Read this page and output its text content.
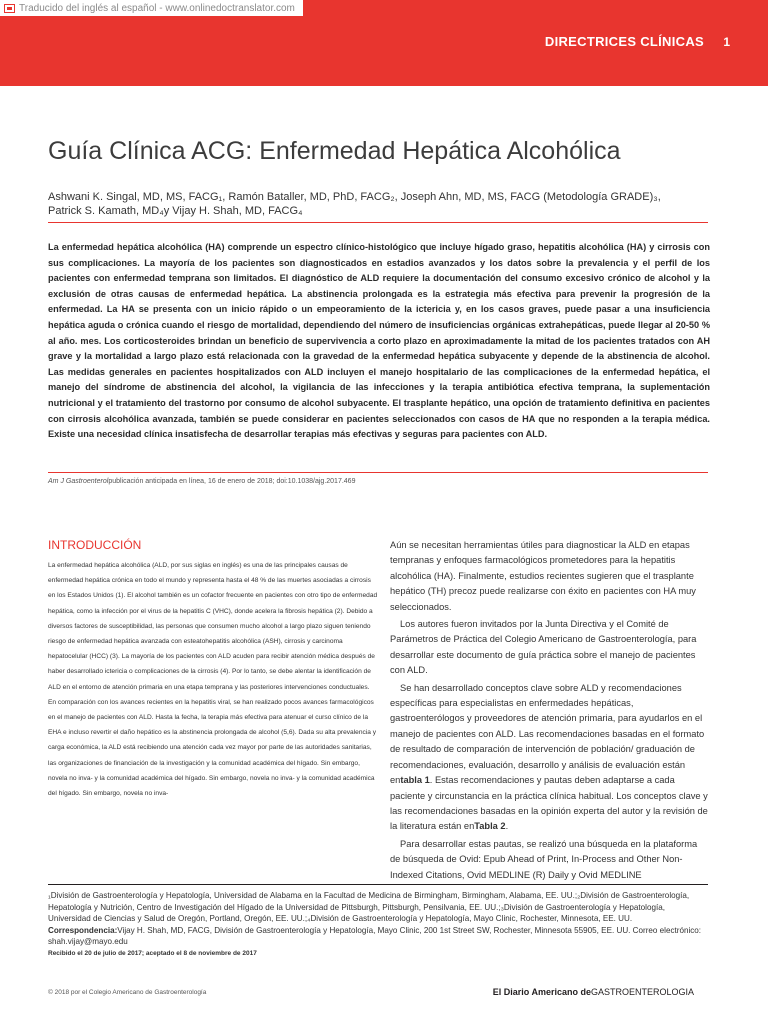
Traducido del inglés al español - www.onlinedoctranslator.com
DIRECTRICES CLÍNICAS 1
Guía Clínica ACG: Enfermedad Hepática Alcohólica
Ashwani K. Singal, MD, MS, FACG₁, Ramón Bataller, MD, PhD, FACG₂, Joseph Ahn, MD, MS, FACG (Metodología GRADE)₃,
Patrick S. Kamath, MD₄y Vijay H. Shah, MD, FACG₄

La enfermedad hepática alcohólica (HA) comprende un espectro clínico-histológico que incluye hígado graso, hepatitis alcohólica (HA) y cirrosis con sus complicaciones. La mayoría de los pacientes son diagnosticados en estadios avanzados y los datos sobre la prevalencia y el perfil de los pacientes con enfermedad temprana son limitados. El diagnóstico de ALD requiere la documentación del consumo excesivo crónico de alcohol y la exclusión de otras causas de enfermedad hepática. La abstinencia prolongada es la estrategia más efectiva para prevenir la progresión de la enfermedad. La HA se presenta con un inicio rápido o un empeoramiento de la ictericia y, en los casos graves, puede pasar a una insuficiencia hepática aguda o crónica cuando el riesgo de mortalidad, dependiendo del número de insuficiencias orgánicas extrahepáticas, puede llegar al 20-50 % al año. mes. Los corticosteroides brindan un beneficio de supervivencia a corto plazo en aproximadamente la mitad de los pacientes tratados con AH grave y la mortalidad a largo plazo está relacionada con la gravedad de la enfermedad hepática subyacente y depende de la abstinencia de alcohol. Las medidas generales en pacientes hospitalizados con ALD incluyen el manejo hospitalario de las complicaciones de la enfermedad hepática, el manejo del síndrome de abstinencia del alcohol, la vigilancia de las infecciones y la terapia antibiótica efectiva temprana, la suplementación nutricional y el tratamiento del trastorno por consumo de alcohol subyacente. El trasplante hepático, una opción de tratamiento definitiva en pacientes con cirrosis alcohólica avanzada, también se puede considerar en pacientes seleccionados con casos de HA que no responden a la terapia médica. Existe una necesidad clínica insatisfecha de desarrollar terapias más efectivas y seguras para pacientes con ALD.

Am J Gastroenterolpublicación anticipada en línea, 16 de enero de 2018; doi:10.1038/ajg.2017.469
INTRODUCCIÓN

La enfermedad hepática alcohólica (ALD, por sus siglas en inglés) es una de las principales causas de enfermedad hepática crónica en todo el mundo y representa hasta el 48 % de las muertes asociadas a cirrosis en los Estados Unidos (1). El alcohol también es un cofactor frecuente en pacientes con otro tipo de enfermedad hepática, como la infección por el virus de la hepatitis C (VHC), donde acelera la fibrosis hepática (2). Debido a diversos factores de susceptibilidad, las personas que consumen mucho alcohol a largo plazo siguen teniendo riesgo de enfermedad hepática avanzada con esteatohepatitis alcohólica (ASH), cirrosis y carcinoma hepatocelular (HCC) (3). La mayoría de los pacientes con ALD acuden para recibir atención médica después de haber desarrollado ictericia o complicaciones de la cirrosis (4). Por lo tanto, se debe alentar la identificación de ALD en el entorno de atención primaria en una etapa temprana y las posteriores intervenciones conductuales. En comparación con los avances recientes en la hepatitis viral, se han realizado pocos avances farmacológicos en el manejo de pacientes con ALD. Hasta la fecha, la terapia más efectiva para atenuar el curso clínico de la EHA e incluso revertir el daño hepático es la abstinencia prolongada de alcohol (5,6). Dada su alta prevalencia y carga económica, la ALD está recibiendo una atención cada vez mayor por parte de las autoridades sanitarias, las organizaciones de financiación de la investigación y la comunidad académica del hígado. Sin embargo, novela no inva- y la comunidad académica del hígado. Sin embargo, novela no inva- y la comunidad académica del hígado. Sin embargo, novela no inva-

Aún se necesitan herramientas útiles para diagnosticar la ALD en etapas tempranas y enfoques farmacológicos prometedores para la hepatitis alcohólica (HA). Finalmente, estudios recientes sugieren que el trasplante hepático (TH) precoz puede realizarse con éxito en pacientes con HA muy seleccionados.

Los autores fueron invitados por la Junta Directiva y el Comité de Parámetros de Práctica del Colegio Americano de Gastroenterología, para desarrollar este documento de guía práctica sobre el manejo de pacientes con ALD.

Se han desarrollado conceptos clave sobre ALD y recomendaciones específicas para especialistas en enfermedades hepáticas, gastroenterólogos y proveedores de atención primaria, para ayudarlos en el manejo de pacientes con ALD. Las recomendaciones basadas en el formato de resultado de comparación de intervención de población/ graduación de recomendaciones, evaluación, desarrollo y análisis de evaluación están entabla 1. Estas recomendaciones y pautas deben adaptarse a cada paciente y circunstancia en la práctica clínica habitual. Los conceptos clave y las recomendaciones basadas en la opinión experta del autor y la revisión de la literatura están enTabla 2.

Para desarrollar estas pautas, se realizó una búsqueda en la plataforma de búsqueda de Ovid: Epub Ahead of Print, In-Process and Other Non-Indexed Citations, Ovid MEDLINE (R) Daily y Ovid MEDLINE

₁División de Gastroenterología y Hepatología, Universidad de Alabama en la Facultad de Medicina de Birmingham, Birmingham, Alabama, EE. UU.;₂División de Gastroenterología, Hepatología y Nutrición, Centro de Investigación del Hígado de la Universidad de Pittsburgh, Pittsburgh, Pensilvania, EE. UU.;₃División de Gastroenterología y Hepatología, Universidad de Ciencias y Salud de Oregón, Portland, Oregón, EE. UU.;₄División de Gastroenterología y Hepatología, Mayo Clinic, Rochester, Minnesota, EE. UU.
Correspondencia:Vijay H. Shah, MD, FACG, División de Gastroenterología y Hepatología, Mayo Clinic, 200 1st Street SW, Rochester, Minnesota 55905, EE. UU. Correo electrónico: shah.vijay@mayo.edu
Recibido el 20 de julio de 2017; aceptado el 8 de noviembre de 2017
© 2018 por el Colegio Americano de Gastroenterología	El Diario Americano deGASTROENTEROLOGIA
